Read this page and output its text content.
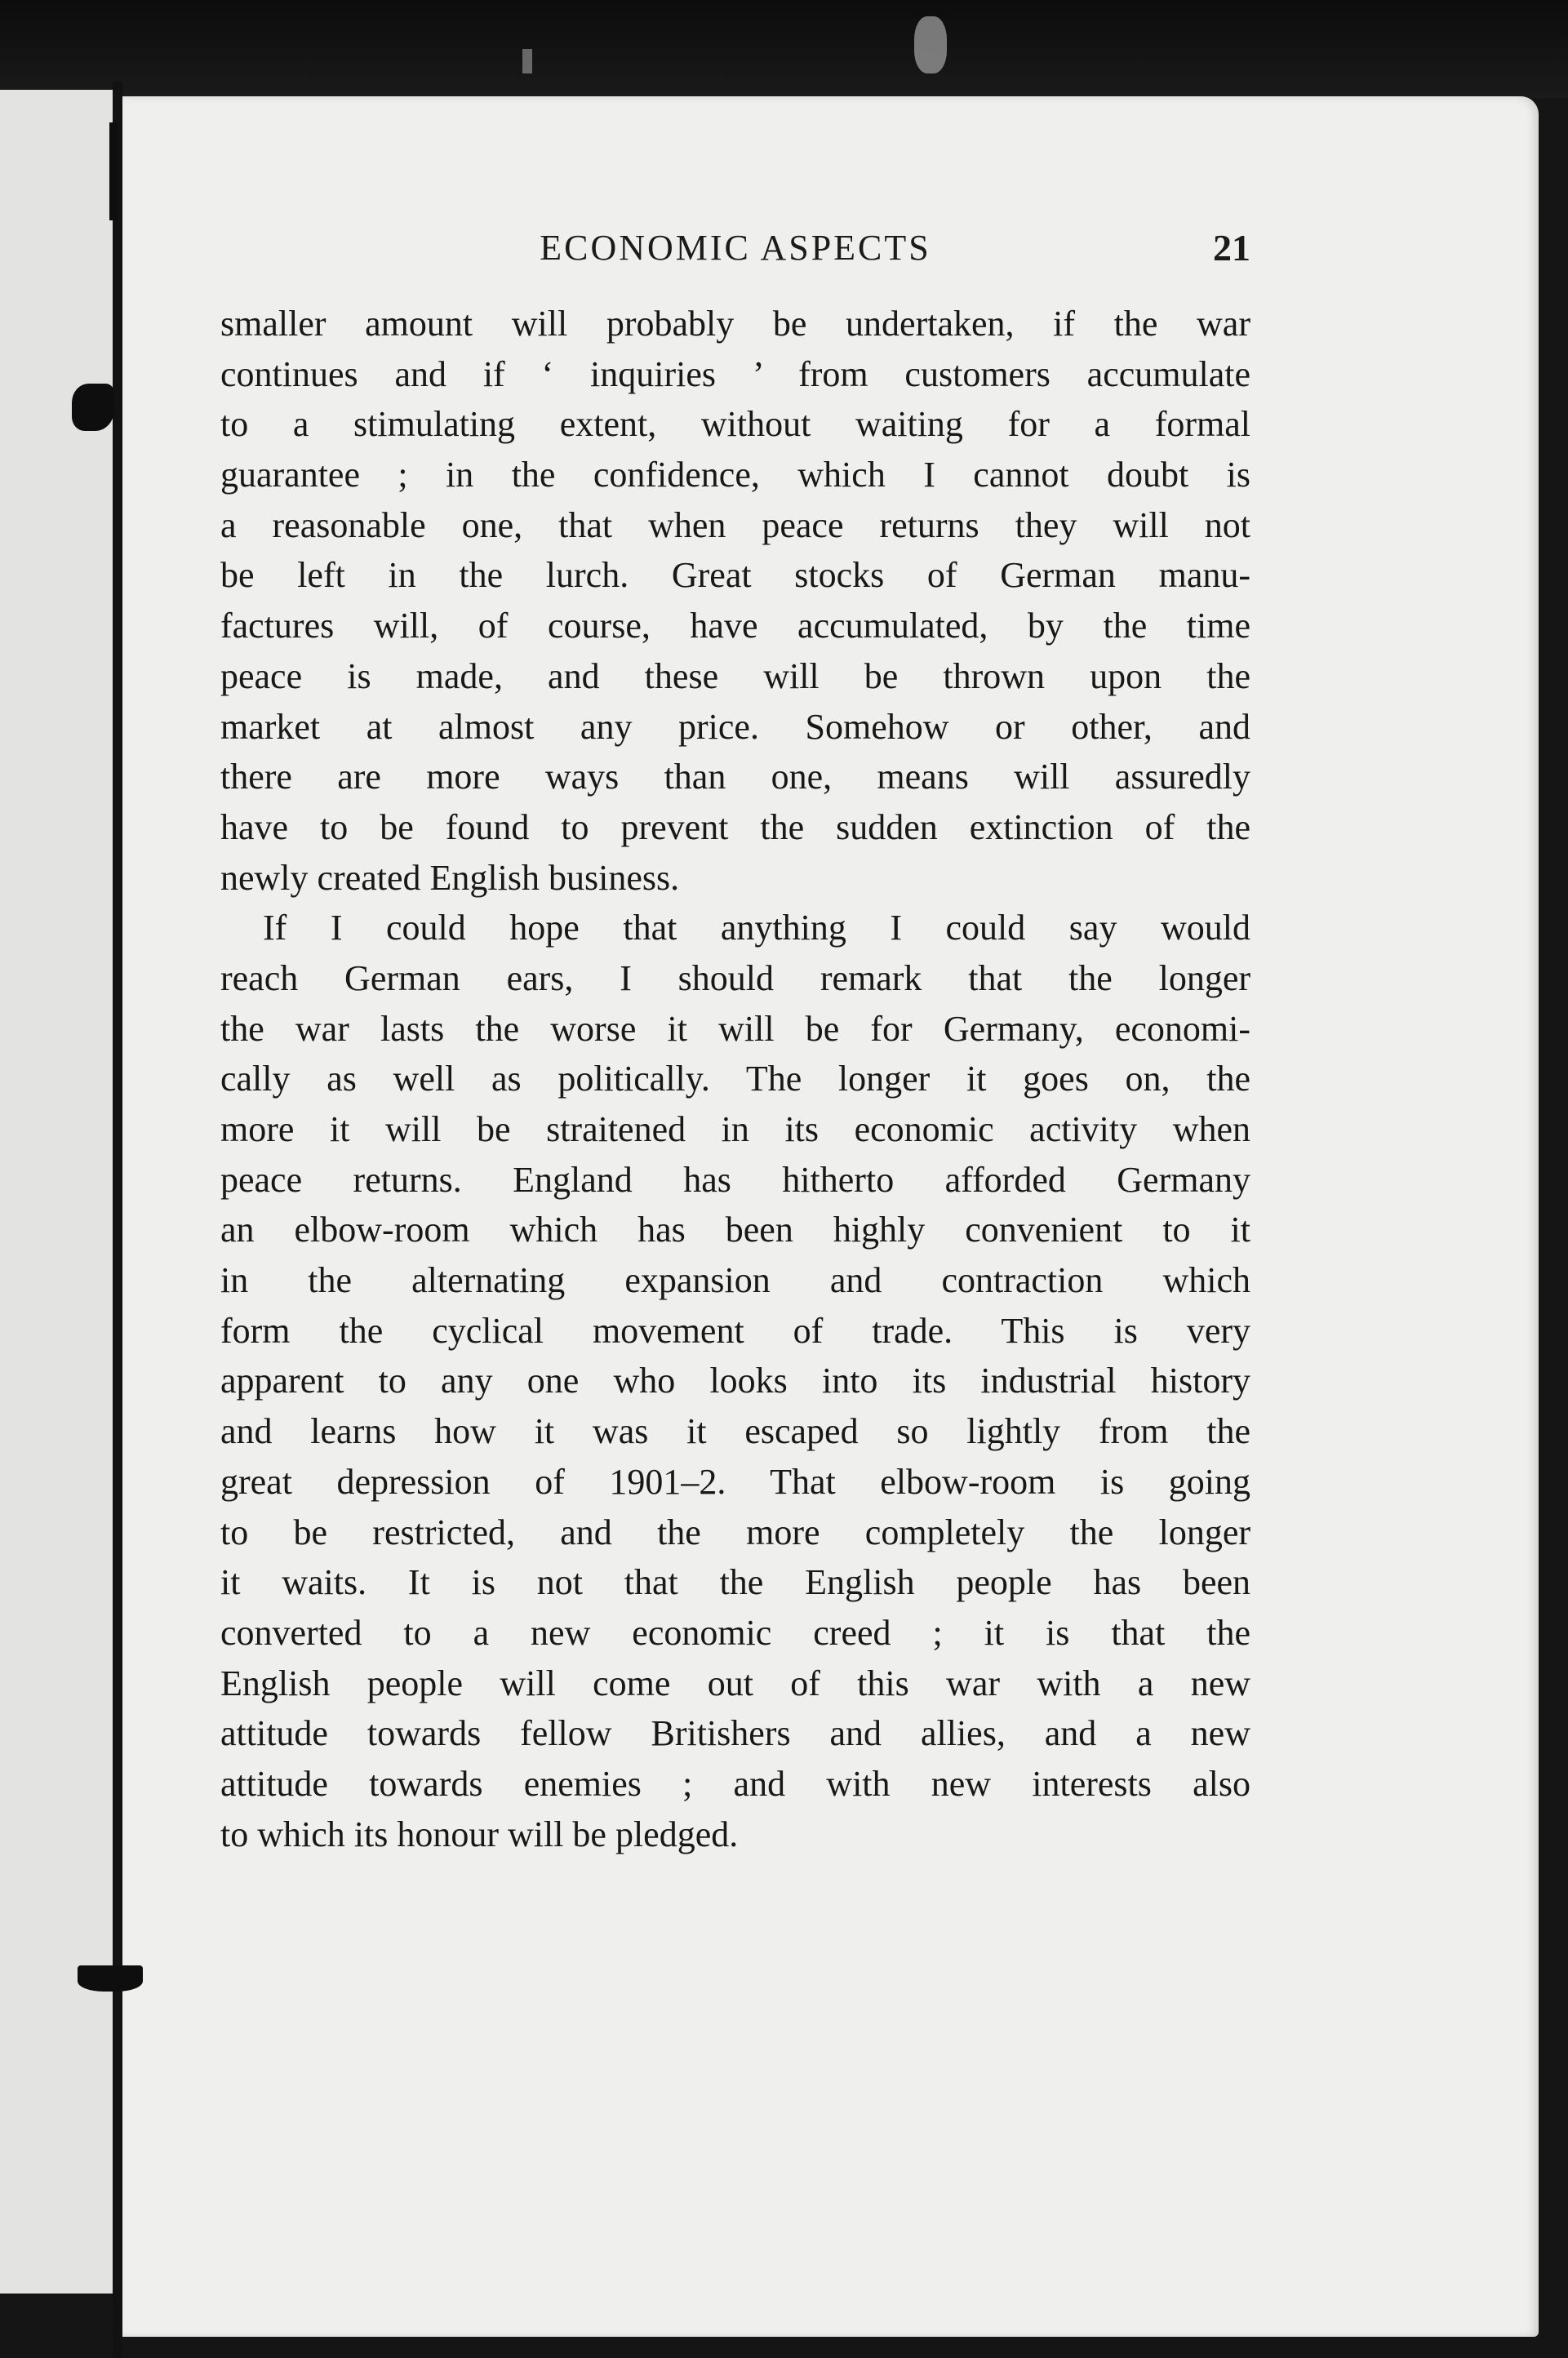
ECONOMIC ASPECTS	21
smaller amount will probably be undertaken, if the war
continues and if ‘ inquiries ’ from customers accumulate
to a stimulating extent, without waiting for a formal
guarantee ; in the confidence, which I cannot doubt is
a reasonable one, that when peace returns they will not
be left in the lurch. Great stocks of German manu-
factures will, of course, have accumulated, by the time
peace is made, and these will be thrown upon the
market at almost any price. Somehow or other, and
there are more ways than one, means will assuredly
have to be found to prevent the sudden extinction of the
newly created English business.
If I could hope that anything I could say would
reach German ears, I should remark that the longer
the war lasts the worse it will be for Germany, economi-
cally as well as politically. The longer it goes on, the
more it will be straitened in its economic activity when
peace returns. England has hitherto afforded Germany
an elbow-room which has been highly convenient to it
in the alternating expansion and contraction which
form the cyclical movement of trade. This is very
apparent to any one who looks into its industrial history
and learns how it was it escaped so lightly from the
great depression of 1901–2. That elbow-room is going
to be restricted, and the more completely the longer
it waits. It is not that the English people has been
converted to a new economic creed ; it is that the
English people will come out of this war with a new
attitude towards fellow Britishers and allies, and a new
attitude towards enemies ; and with new interests also
to which its honour will be pledged.
